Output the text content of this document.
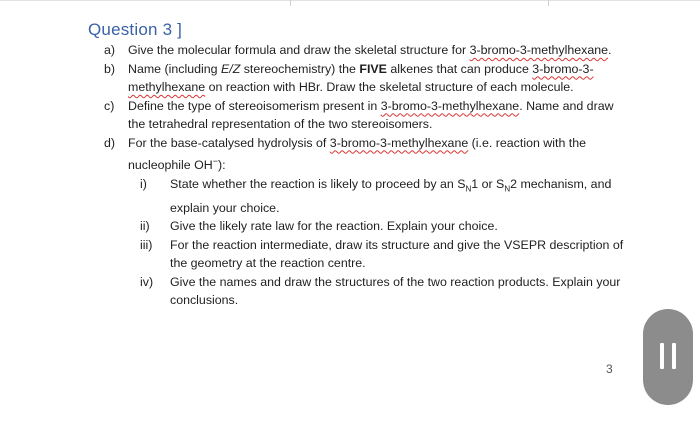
Question 3 ]
a)	Give the molecular formula and draw the skeletal structure for 3-bromo-3-methylhexane.
b)	Name (including E/Z stereochemistry) the FIVE alkenes that can produce 3-bromo-3-methylhexane on reaction with HBr. Draw the skeletal structure of each molecule.
c)	Define the type of stereoisomerism present in 3-bromo-3-methylhexane. Name and draw the tetrahedral representation of the two stereoisomers.
d)	For the base-catalysed hydrolysis of 3-bromo-3-methylhexane (i.e. reaction with the nucleophile OH−):
i)	State whether the reaction is likely to proceed by an $S_N1$ or $S_N2$ mechanism, and explain your choice.
ii)	Give the likely rate law for the reaction. Explain your choice.
iii)	For the reaction intermediate, draw its structure and give the VSEPR description of the geometry at the reaction centre.
iv)	Give the names and draw the structures of the two reaction products. Explain your conclusions.
3
